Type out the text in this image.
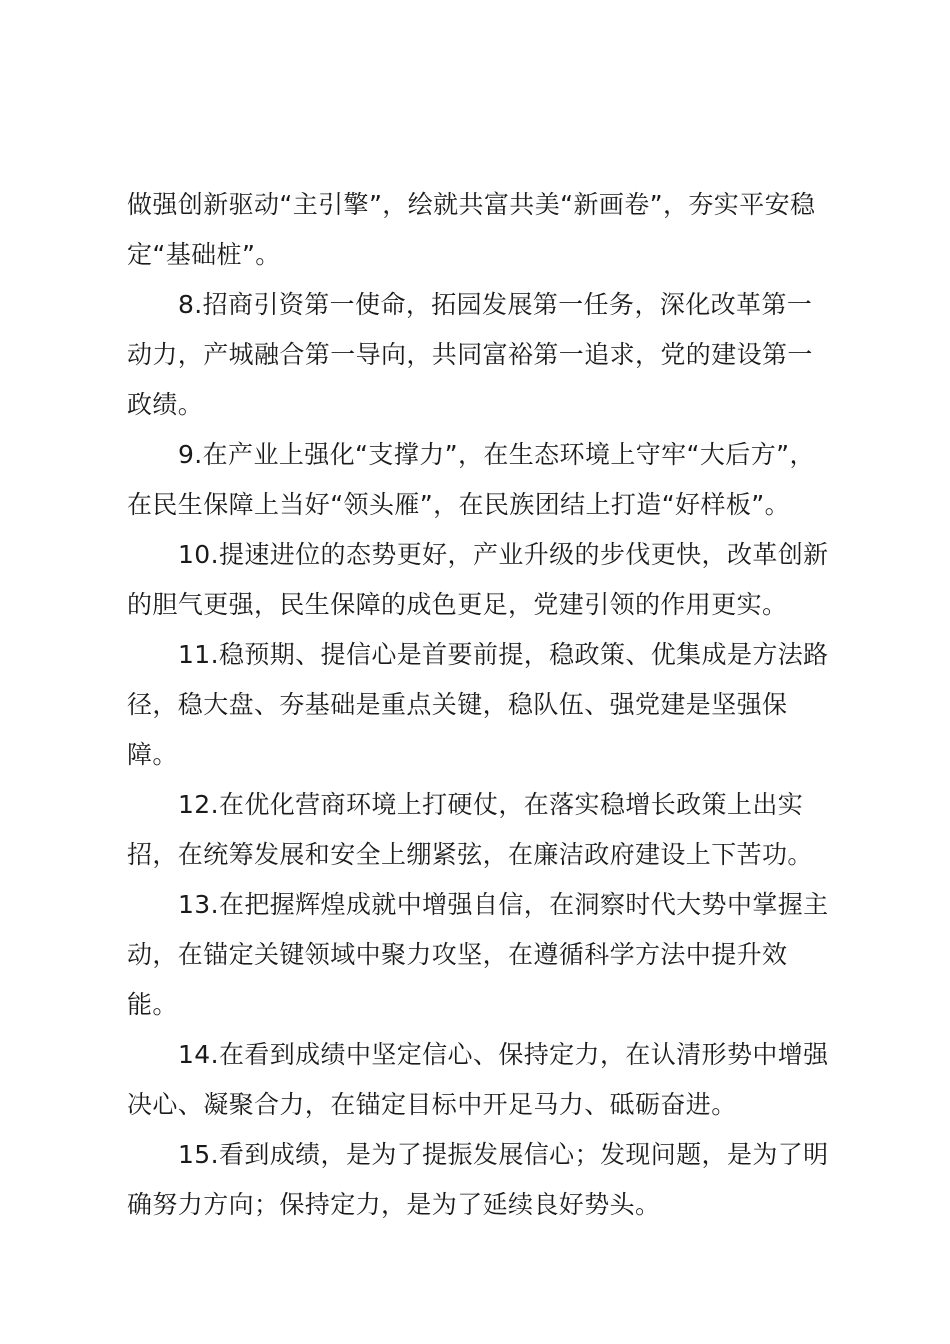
做强创新驱动“主引擎”，绘就共富共美“新画卷”，夯实平安稳定“基础桩”。

8.招商引资第一使命，拓园发展第一任务，深化改革第一动力，产城融合第一导向，共同富裕第一追求，党的建设第一政绩。

9.在产业上强化“支撑力”，在生态环境上守牢“大后方”，在民生保障上当好“领头雁”，在民族团结上打造“好样板”。

10.提速进位的态势更好，产业升级的步伐更快，改革创新的胆气更强，民生保障的成色更足，党建引领的作用更实。

11.稳预期、提信心是首要前提，稳政策、优集成是方法路径，稳大盘、夯基础是重点关键，稳队伍、强党建是坚强保障。

12.在优化营商环境上打硬仗，在落实稳增长政策上出实招，在统筹发展和安全上绷紧弦，在廉洁政府建设上下苦功。

13.在把握辉煌成就中增强自信，在洞察时代大势中掌握主动，在锚定关键领域中聚力攻坚，在遵循科学方法中提升效能。

14.在看到成绩中坚定信心、保持定力，在认清形势中增强决心、凝聚合力，在锚定目标中开足马力、砥砺奋进。

15.看到成绩，是为了提振发展信心；发现问题，是为了明确努力方向；保持定力，是为了延续良好势头。
